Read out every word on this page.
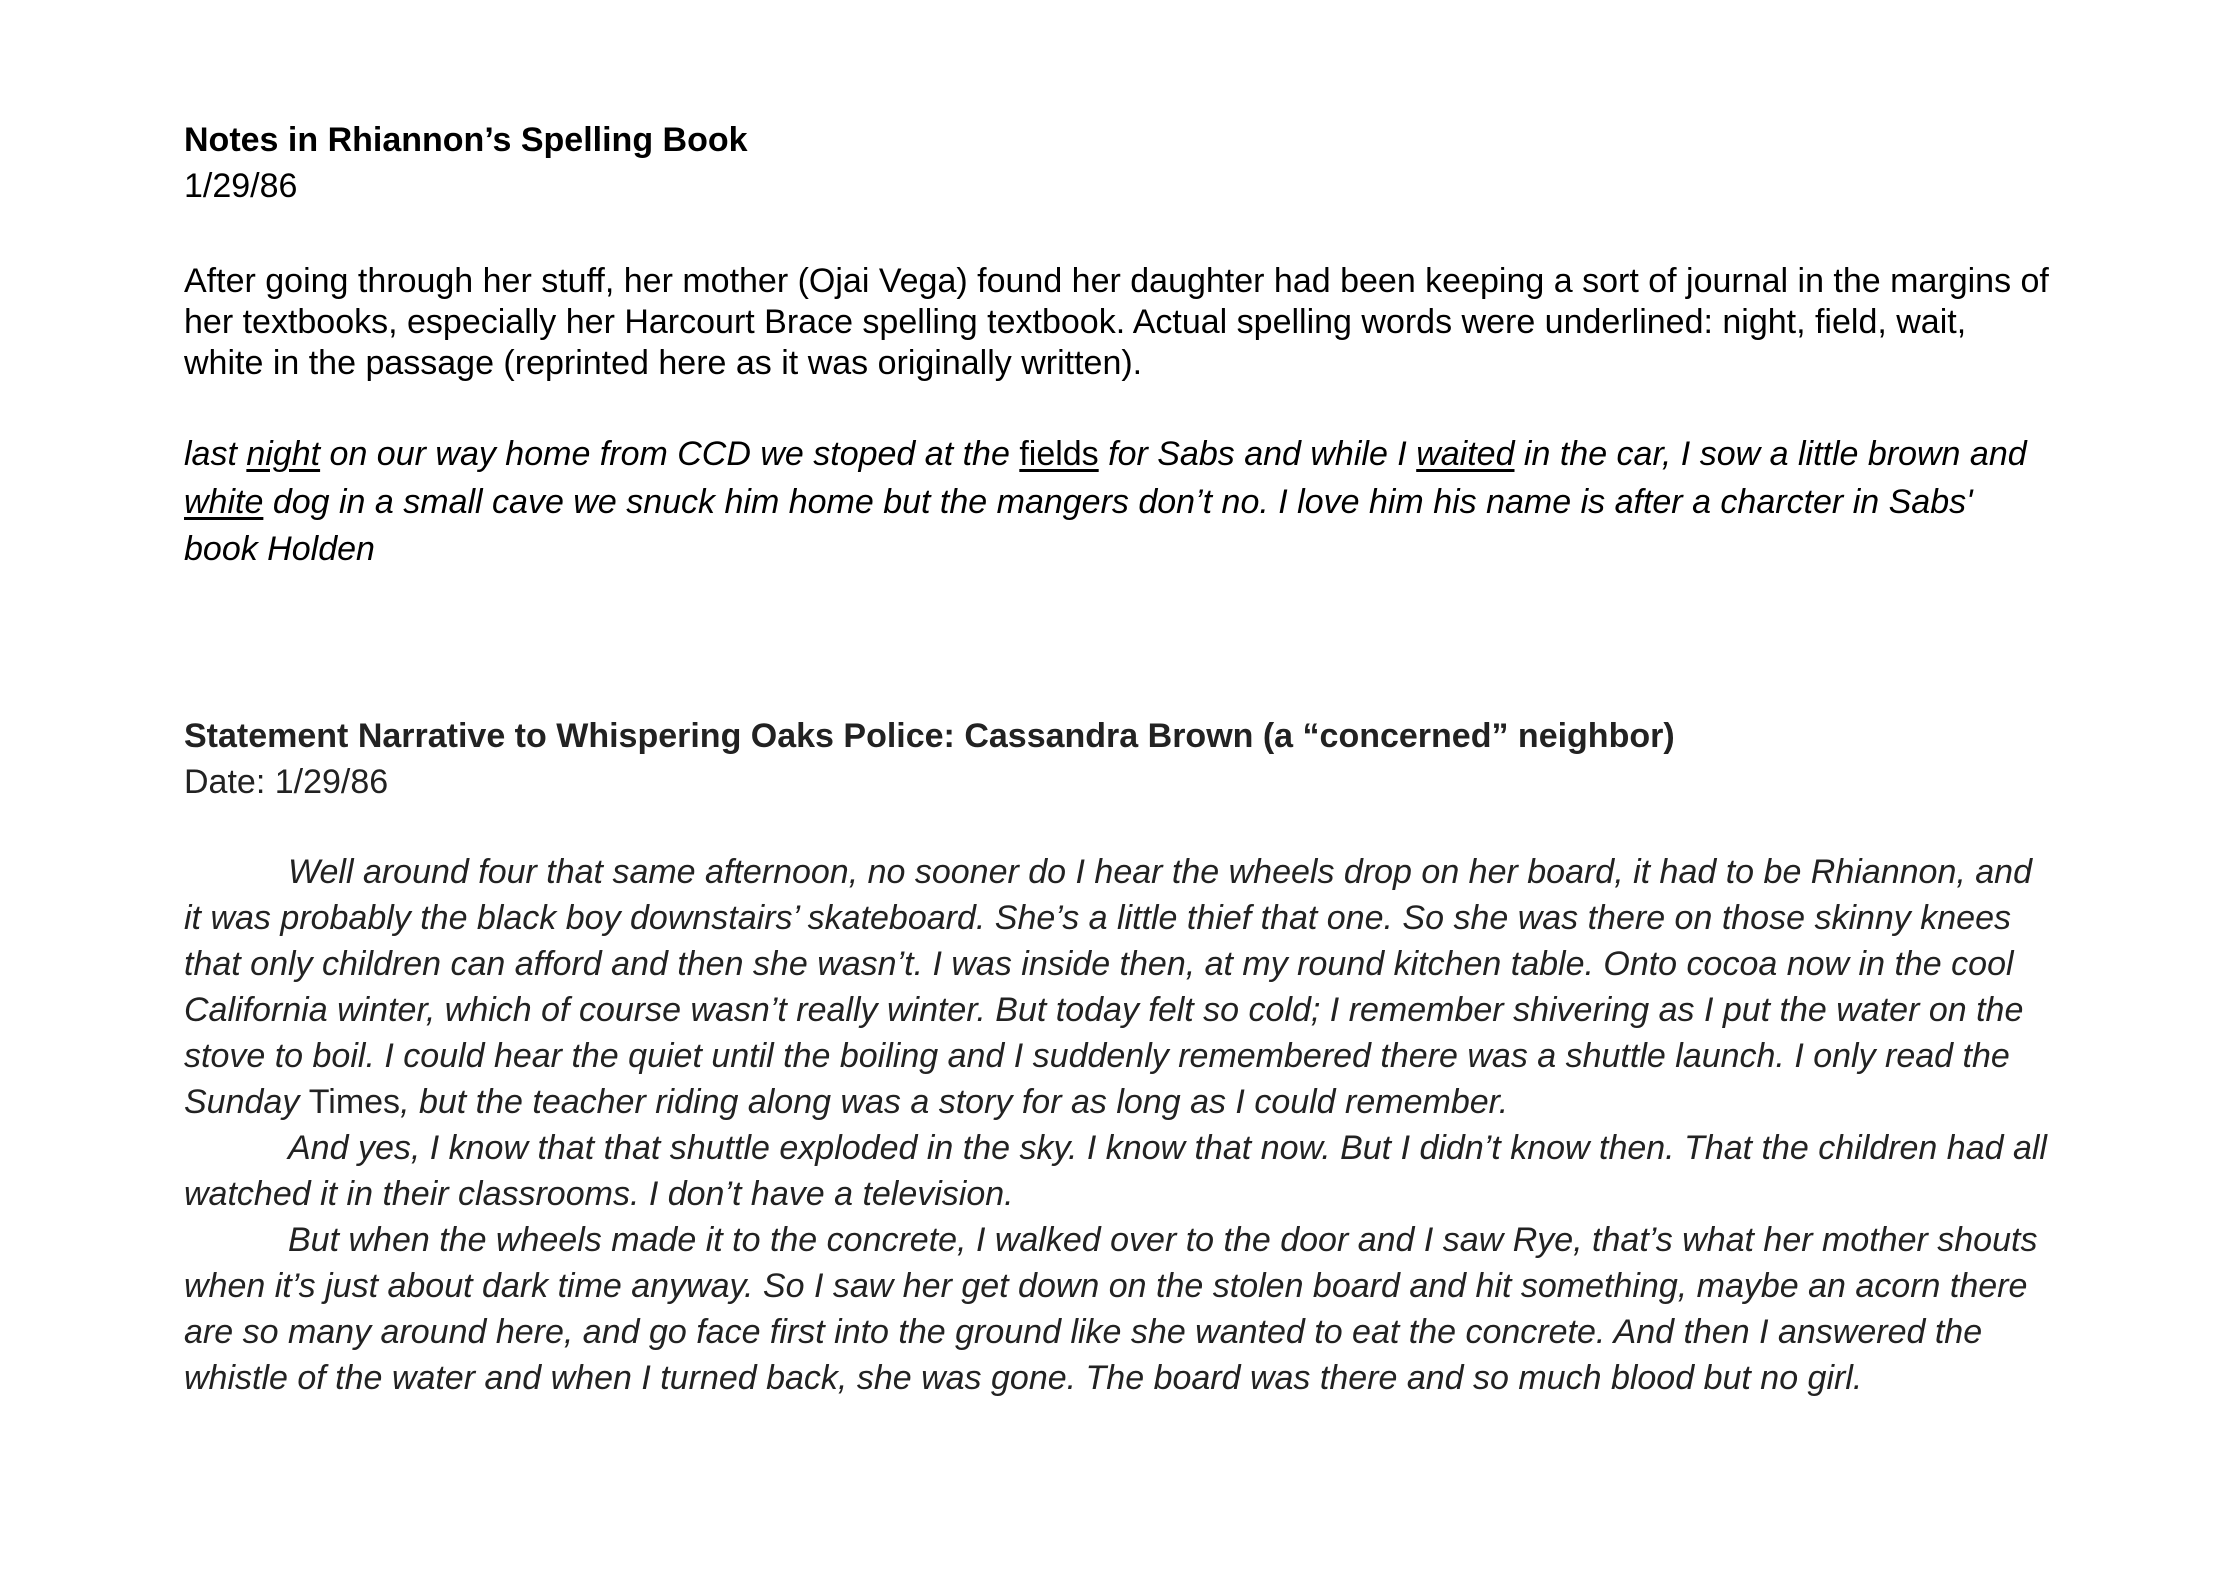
Notes in Rhiannon’s Spelling Book
1/29/86
After going through her stuff, her mother (Ojai Vega) found her daughter had been keeping a sort of journal in the margins of her textbooks, especially her Harcourt Brace spelling textbook. Actual spelling words were underlined: night, field, wait, white in the passage (reprinted here as it was originally written).
last night on our way home from CCD we stoped at the fields for Sabs and while I waited in the car, I sow a little brown and white dog in a small cave we snuck him home but the mangers don’t no. I love him his name is after a charcter in Sabs' book Holden
Statement Narrative to Whispering Oaks Police: Cassandra Brown (a “concerned” neighbor)
Date: 1/29/86

Well around four that same afternoon, no sooner do I hear the wheels drop on her board, it had to be Rhiannon, and it was probably the black boy downstairs’ skateboard. She’s a little thief that one. So she was there on those skinny knees that only children can afford and then she wasn’t. I was inside then, at my round kitchen table. Onto cocoa now in the cool California winter, which of course wasn’t really winter. But today felt so cold; I remember shivering as I put the water on the stove to boil. I could hear the quiet until the boiling and I suddenly remembered there was a shuttle launch. I only read the Sunday Times, but the teacher riding along was a story for as long as I could remember.

And yes, I know that that shuttle exploded in the sky. I know that now. But I didn’t know then. That the children had all watched it in their classrooms. I don’t have a television.

But when the wheels made it to the concrete, I walked over to the door and I saw Rye, that’s what her mother shouts when it’s just about dark time anyway. So I saw her get down on the stolen board and hit something, maybe an acorn there are so many around here, and go face first into the ground like she wanted to eat the concrete. And then I answered the whistle of the water and when I turned back, she was gone. The board was there and so much blood but no girl.
